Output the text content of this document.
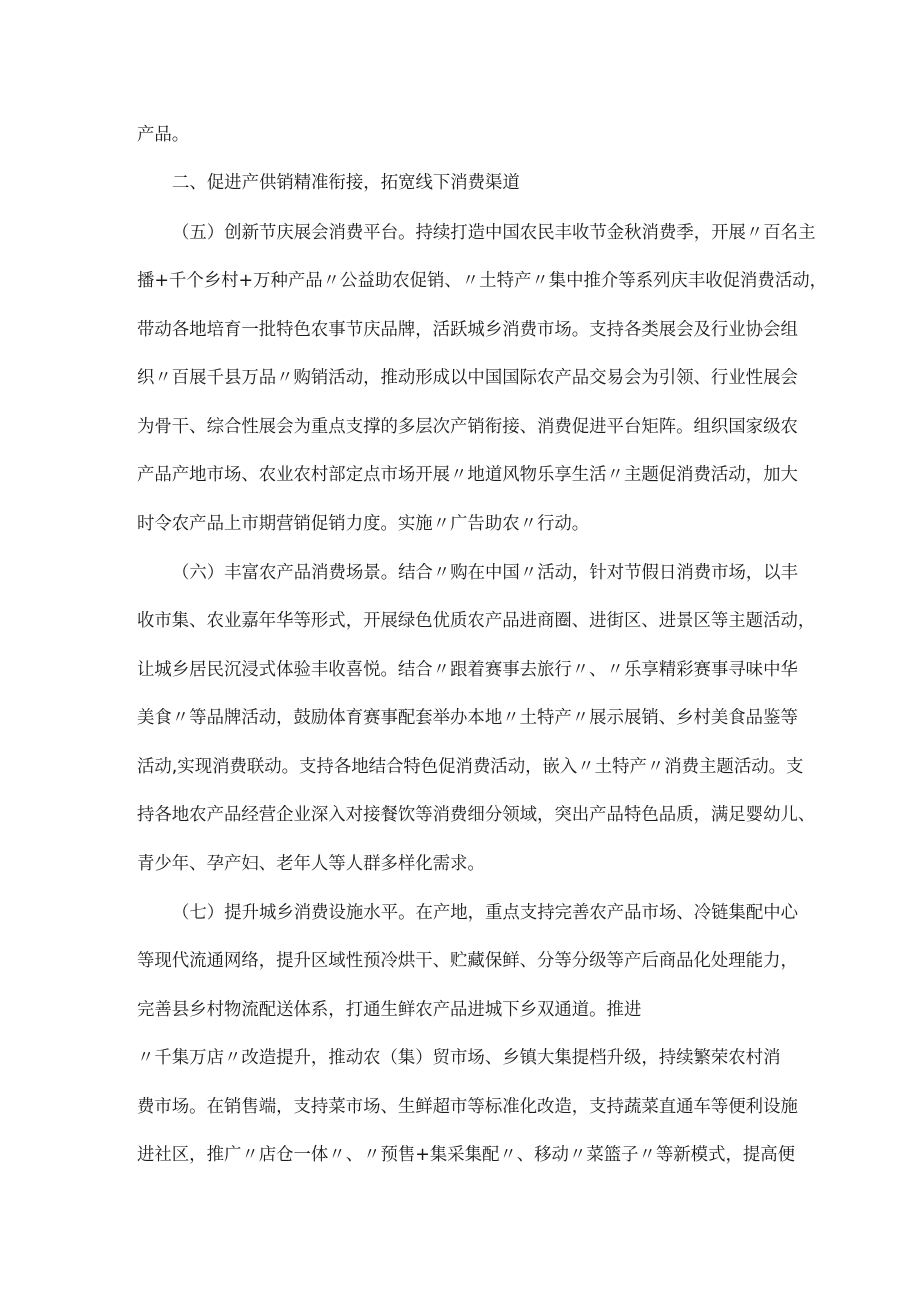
产品。
二、促进产供销精准衔接，拓宽线下消费渠道
（五）创新节庆展会消费平台。持续打造中国农民丰收节金秋消费季，开展〃百名主
播+千个乡村+万种产品〃公益助农促销、〃土特产〃集中推介等系列庆丰收促消费活动，
带动各地培育一批特色农事节庆品牌，活跃城乡消费市场。支持各类展会及行业协会组
织〃百展千县万品〃购销活动，推动形成以中国国际农产品交易会为引领、行业性展会
为骨干、综合性展会为重点支撑的多层次产销衔接、消费促进平台矩阵。组织国家级农
产品产地市场、农业农村部定点市场开展〃地道风物乐享生活〃主题促消费活动，加大
时令农产品上市期营销促销力度。实施〃广告助农〃行动。
（六）丰富农产品消费场景。结合〃购在中国〃活动，针对节假日消费市场，以丰
收市集、农业嘉年华等形式，开展绿色优质农产品进商圈、进街区、进景区等主题活动，
让城乡居民沉浸式体验丰收喜悦。结合〃跟着赛事去旅行〃、〃乐享精彩赛事寻味中华
美食〃等品牌活动，鼓励体育赛事配套举办本地〃土特产〃展示展销、乡村美食品鉴等
活动,实现消费联动。支持各地结合特色促消费活动，嵌入〃土特产〃消费主题活动。支
持各地农产品经营企业深入对接餐饮等消费细分领域，突出产品特色品质，满足婴幼儿、
青少年、孕产妇、老年人等人群多样化需求。
（七）提升城乡消费设施水平。在产地，重点支持完善农产品市场、冷链集配中心
等现代流通网络，提升区域性预冷烘干、贮藏保鲜、分等分级等产后商品化处理能力，
完善县乡村物流配送体系，打通生鲜农产品进城下乡双通道。推进
〃千集万店〃改造提升，推动农（集）贸市场、乡镇大集提档升级，持续繁荣农村消
费市场。在销售端，支持菜市场、生鲜超市等标准化改造，支持蔬菜直通车等便利设施
进社区，推广〃店仓一体〃、〃预售+集采集配〃、移动〃菜篮子〃等新模式，提高便
